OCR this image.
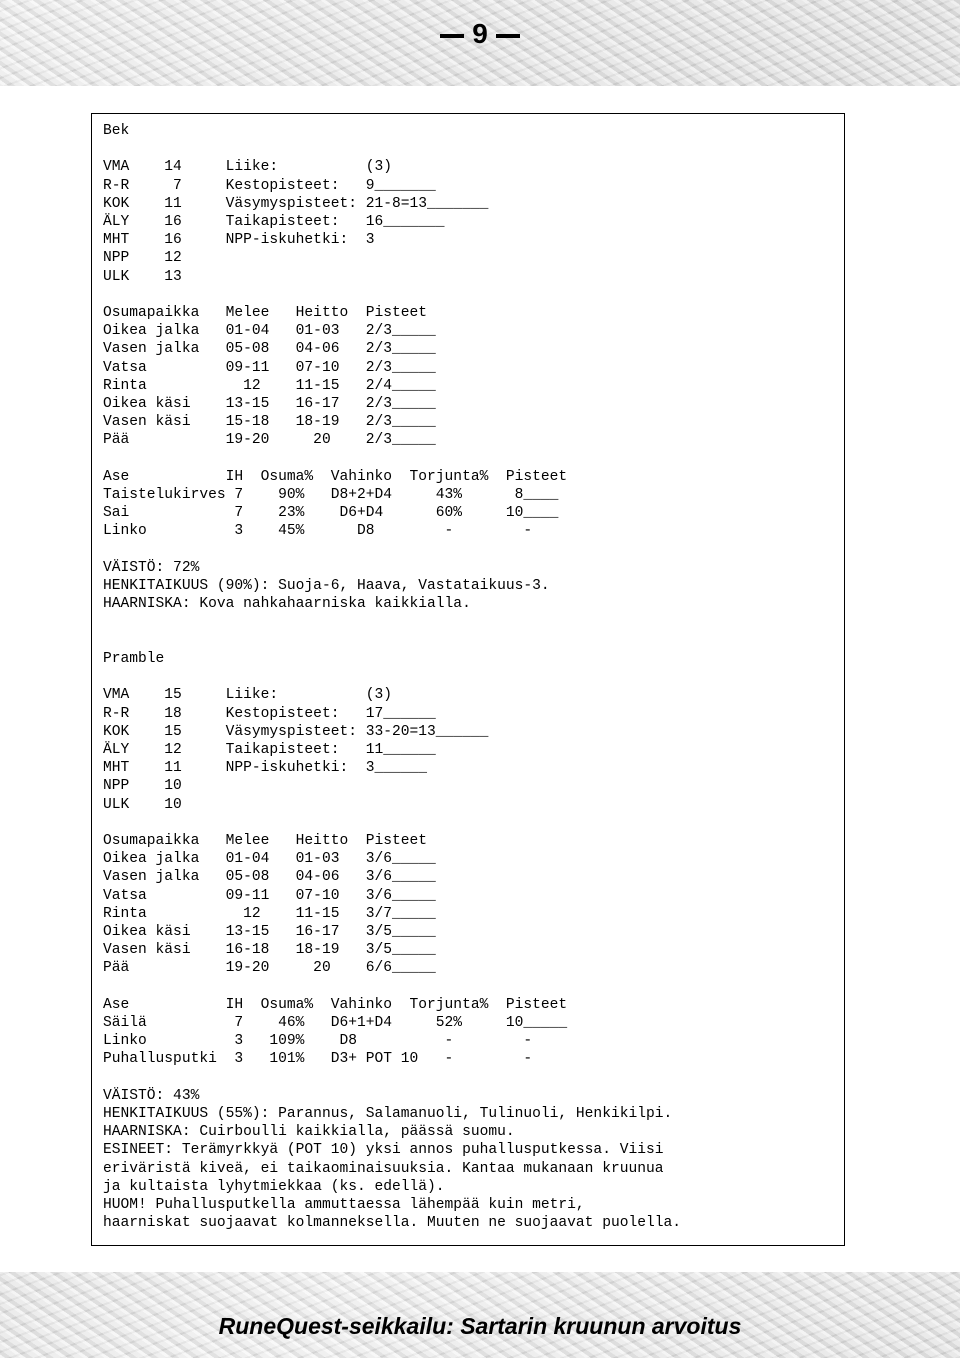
9
Bek

VMA    14     Liike:          (3)
R-R     7     Kestopisteet:   9_______
KOK    11     Väsymyspisteet: 21-8=13_______
ÄLY    16     Taikapisteet:   16_______
MHT    16     NPP-iskuhetki:  3
NPP    12
ULK    13

Osumapaikka   Melee   Heitto  Pisteet
Oikea jalka   01-04   01-03   2/3_____
Vasen jalka   05-08   04-06   2/3_____
Vatsa         09-11   07-10   2/3_____
Rinta           12    11-15   2/4_____
Oikea käsi    13-15   16-17   2/3_____
Vasen käsi    15-18   18-19   2/3_____
Pää           19-20     20    2/3_____

Ase           IH  Osuma%  Vahinko  Torjunta%  Pisteet
Taistelukirves 7    90%   D8+2+D4     43%      8____
Sai            7    23%    D6+D4      60%     10____
Linko          3    45%      D8        -        -

VÄISTÖ: 72%
HENKITAIKUUS (90%): Suoja-6, Haava, Vastataikuus-3.
HAARNISKA: Kova nahkahaarniska kaikkialla.

Pramble

VMA    15     Liike:          (3)
R-R    18     Kestopisteet:   17______
KOK    15     Väsymyspisteet: 33-20=13______
ÄLY    12     Taikapisteet:   11______
MHT    11     NPP-iskuhetki:  3______
NPP    10
ULK    10

Osumapaikka   Melee   Heitto  Pisteet
Oikea jalka   01-04   01-03   3/6_____
Vasen jalka   05-08   04-06   3/6_____
Vatsa         09-11   07-10   3/6_____
Rinta           12    11-15   3/7_____
Oikea käsi    13-15   16-17   3/5_____
Vasen käsi    16-18   18-19   3/5_____
Pää           19-20     20    6/6_____

Ase           IH  Osuma%  Vahinko  Torjunta%  Pisteet
Säilä          7    46%   D6+1+D4     52%     10_____
Linko          3   109%    D8          -        -
Puhallusputki  3   101%   D3+ POT 10   -        -

VÄISTÖ: 43%
HENKITAIKUUS (55%): Parannus, Salamanuoli, Tulinuoli, Henkikilpi.
HAARNISKA: Cuirboulli kaikkialla, päässä suomu.
ESINEET: Terämyrkkyä (POT 10) yksi annos puhallusputkessa. Viisi
eriväristä kiveä, ei taikaominaisuuksia. Kantaa mukanaan kruunua
ja kultaista lyhytmiekkaa (ks. edellä).
HUOM! Puhallusputkella ammuttaessa lähempää kuin metri,
haarniskat suojaavat kolmanneksella. Muuten ne suojaavat puolella.
RuneQuest-seikkailu: Sartarin kruunun arvoitus
